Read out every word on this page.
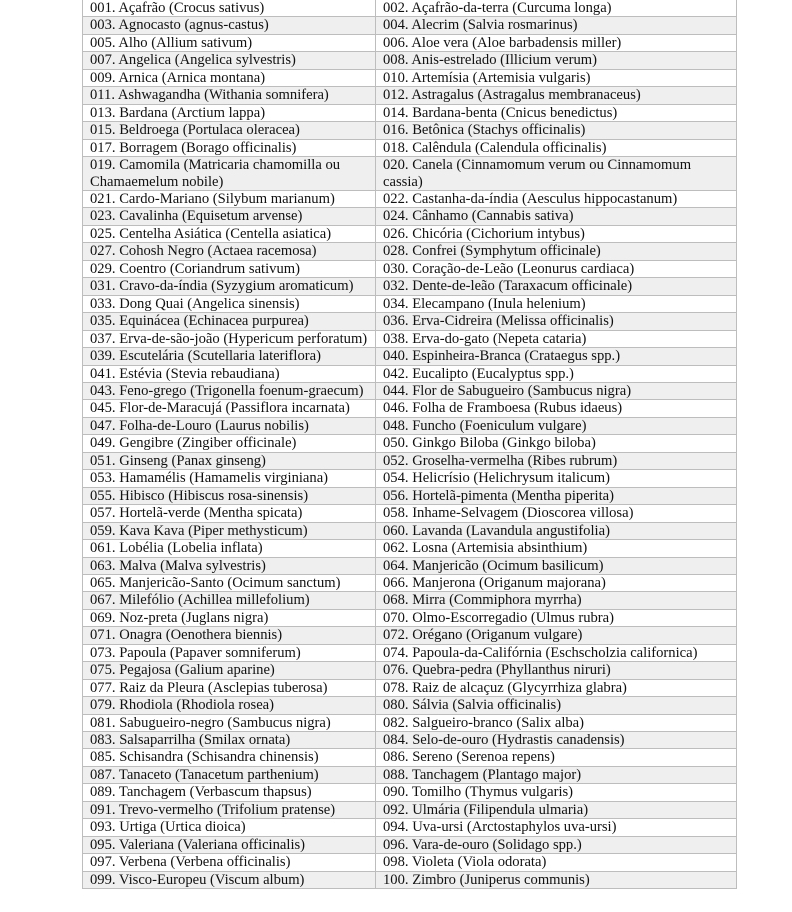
001. Açafrão (Crocus sativus)	002. Açafrão-da-terra (Curcuma longa)
003. Agnocasto (agnus-castus)	004. Alecrim (Salvia rosmarinus)
005. Alho (Allium sativum)	006. Aloe vera (Aloe barbadensis miller)
007. Angelica (Angelica sylvestris)	008. Anis-estrelado (Illicium verum)
009. Arnica (Arnica montana)	010. Artemísia (Artemisia vulgaris)
011. Ashwagandha (Withania somnifera)	012. Astragalus (Astragalus membranaceus)
013. Bardana (Arctium lappa)	014. Bardana-benta (Cnicus benedictus)
015. Beldroega (Portulaca oleracea)	016. Betônica (Stachys officinalis)
017. Borragem (Borago officinalis)	018. Calêndula (Calendula officinalis)
019. Camomila (Matricaria chamomilla ou Chamaemelum nobile)	020. Canela (Cinnamomum verum ou Cinnamomum cassia)
021. Cardo-Mariano (Silybum marianum)	022. Castanha-da-índia (Aesculus hippocastanum)
023. Cavalinha (Equisetum arvense)	024. Cânhamo (Cannabis sativa)
025. Centelha Asiática (Centella asiatica)	026. Chicória (Cichorium intybus)
027. Cohosh Negro (Actaea racemosa)	028. Confrei (Symphytum officinale)
029. Coentro (Coriandrum sativum)	030. Coração-de-Leão (Leonurus cardiaca)
031. Cravo-da-índia (Syzygium aromaticum)	032. Dente-de-leão (Taraxacum officinale)
033. Dong Quai (Angelica sinensis)	034. Elecampano (Inula helenium)
035. Equinácea (Echinacea purpurea)	036. Erva-Cidreira (Melissa officinalis)
037. Erva-de-são-joão (Hypericum perforatum)	038. Erva-do-gato (Nepeta cataria)
039. Escutelária (Scutellaria lateriflora)	040. Espinheira-Branca (Crataegus spp.)
041. Estévia (Stevia rebaudiana)	042. Eucalipto (Eucalyptus spp.)
043. Feno-grego (Trigonella foenum-graecum)	044. Flor de Sabugueiro (Sambucus nigra)
045. Flor-de-Maracujá (Passiflora incarnata)	046. Folha de Framboesa (Rubus idaeus)
047. Folha-de-Louro (Laurus nobilis)	048. Funcho (Foeniculum vulgare)
049. Gengibre (Zingiber officinale)	050. Ginkgo Biloba (Ginkgo biloba)
051. Ginseng (Panax ginseng)	052. Groselha-vermelha (Ribes rubrum)
053. Hamamélis (Hamamelis virginiana)	054. Helicrísio (Helichrysum italicum)
055. Hibisco (Hibiscus rosa-sinensis)	056. Hortelã-pimenta (Mentha piperita)
057. Hortelã-verde (Mentha spicata)	058. Inhame-Selvagem (Dioscorea villosa)
059. Kava Kava (Piper methysticum)	060. Lavanda (Lavandula angustifolia)
061. Lobélia (Lobelia inflata)	062. Losna (Artemisia absinthium)
063. Malva (Malva sylvestris)	064. Manjericão (Ocimum basilicum)
065. Manjericão-Santo (Ocimum sanctum)	066. Manjerona (Origanum majorana)
067. Milefólio (Achillea millefolium)	068. Mirra (Commiphora myrrha)
069. Noz-preta (Juglans nigra)	070. Olmo-Escorregadio (Ulmus rubra)
071. Onagra (Oenothera biennis)	072. Orégano (Origanum vulgare)
073. Papoula (Papaver somniferum)	074. Papoula-da-Califórnia (Eschscholzia californica)
075. Pegajosa (Galium aparine)	076. Quebra-pedra (Phyllanthus niruri)
077. Raiz da Pleura (Asclepias tuberosa)	078. Raiz de alcaçuz (Glycyrrhiza glabra)
079. Rhodiola (Rhodiola rosea)	080. Sálvia (Salvia officinalis)
081. Sabugueiro-negro (Sambucus nigra)	082. Salgueiro-branco (Salix alba)
083. Salsaparrilha (Smilax ornata)	084. Selo-de-ouro (Hydrastis canadensis)
085. Schisandra (Schisandra chinensis)	086. Sereno (Serenoa repens)
087. Tanaceto (Tanacetum parthenium)	088. Tanchagem (Plantago major)
089. Tanchagem (Verbascum thapsus)	090. Tomilho (Thymus vulgaris)
091. Trevo-vermelho (Trifolium pratense)	092. Ulmária (Filipendula ulmaria)
093. Urtiga (Urtica dioica)	094. Uva-ursi (Arctostaphylos uva-ursi)
095. Valeriana (Valeriana officinalis)	096. Vara-de-ouro (Solidago spp.)
097. Verbena (Verbena officinalis)	098. Violeta (Viola odorata)
099. Visco-Europeu (Viscum album)	100. Zimbro (Juniperus communis)
